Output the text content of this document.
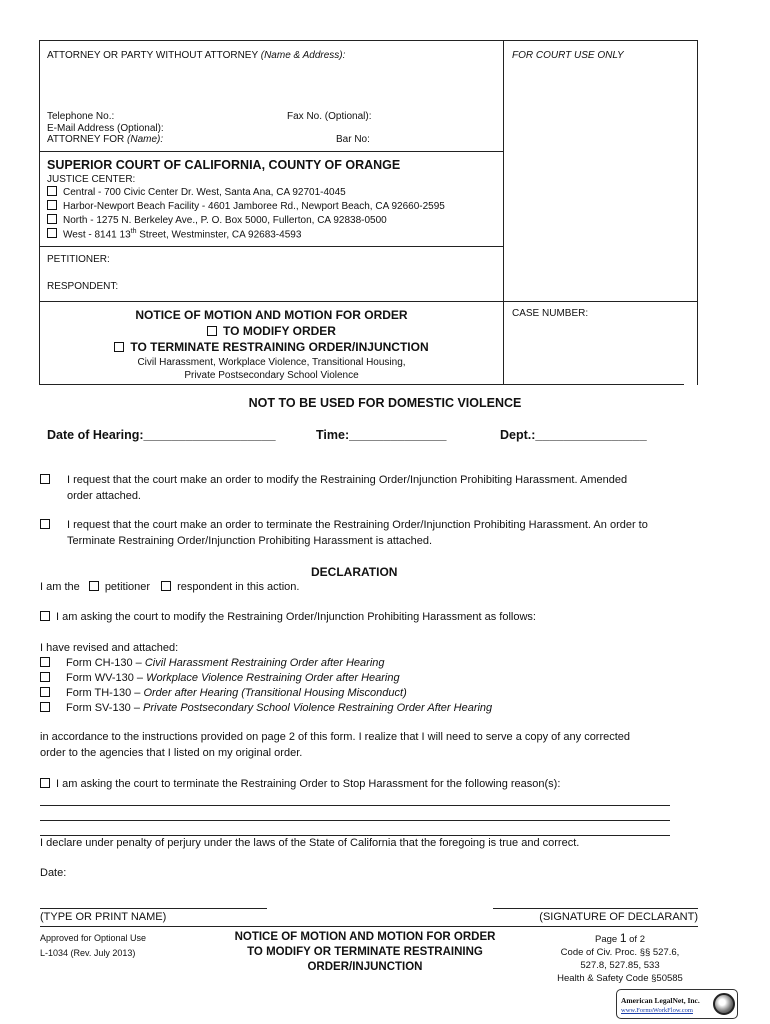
ATTORNEY OR PARTY WITHOUT ATTORNEY (Name & Address):	FOR COURT USE ONLY
Telephone No.:	Fax No. (Optional):
E-Mail Address (Optional):
ATTORNEY FOR (Name):	Bar No:
SUPERIOR COURT OF CALIFORNIA, COUNTY OF ORANGE
JUSTICE CENTER:
Central - 700 Civic Center Dr. West, Santa Ana, CA 92701-4045
Harbor-Newport Beach Facility - 4601 Jamboree Rd., Newport Beach, CA 92660-2595
North - 1275 N. Berkeley Ave., P. O. Box 5000, Fullerton, CA 92838-0500
West - 8141 13th Street, Westminster, CA 92683-4593
PETITIONER:
RESPONDENT:
NOTICE OF MOTION AND MOTION FOR ORDER
TO MODIFY ORDER
TO TERMINATE RESTRAINING ORDER/INJUNCTION
Civil Harassment, Workplace Violence, Transitional Housing,
Private Postsecondary School Violence
CASE NUMBER:
NOT TO BE USED FOR DOMESTIC VIOLENCE
Date of Hearing:___________________	Time:______________	Dept.:________________
I request that the court make an order to modify the Restraining Order/Injunction Prohibiting Harassment. Amended
order attached.
I request that the court make an order to terminate the Restraining Order/Injunction Prohibiting Harassment. An order to
Terminate Restraining Order/Injunction Prohibiting Harassment is attached.
DECLARATION
I am the petitioner respondent in this action.
I am asking the court to modify the Restraining Order/Injunction Prohibiting Harassment as follows:
I have revised and attached:
Form CH-130 – Civil Harassment Restraining Order after Hearing
Form WV-130 – Workplace Violence Restraining Order after Hearing
Form TH-130 – Order after Hearing (Transitional Housing Misconduct)
Form SV-130 – Private Postsecondary School Violence Restraining Order After Hearing
in accordance to the instructions provided on page 2 of this form. I realize that I will need to serve a copy of any corrected
order to the agencies that I listed on my original order.
I am asking the court to terminate the Restraining Order to Stop Harassment for the following reason(s):
I declare under penalty of perjury under the laws of the State of California that the foregoing is true and correct.
Date:
(TYPE OR PRINT NAME)	(SIGNATURE OF DECLARANT)
Approved for Optional Use
L-1034 (Rev. July 2013)
NOTICE OF MOTION AND MOTION FOR ORDER
TO MODIFY OR TERMINATE RESTRAINING
ORDER/INJUNCTION
Page 1 of 2
Code of Civ. Proc. §§ 527.6,
527.8, 527.85, 533
Health & Safety Code §50585
American LegalNet, Inc.
www.FormsWorkFlow.com
